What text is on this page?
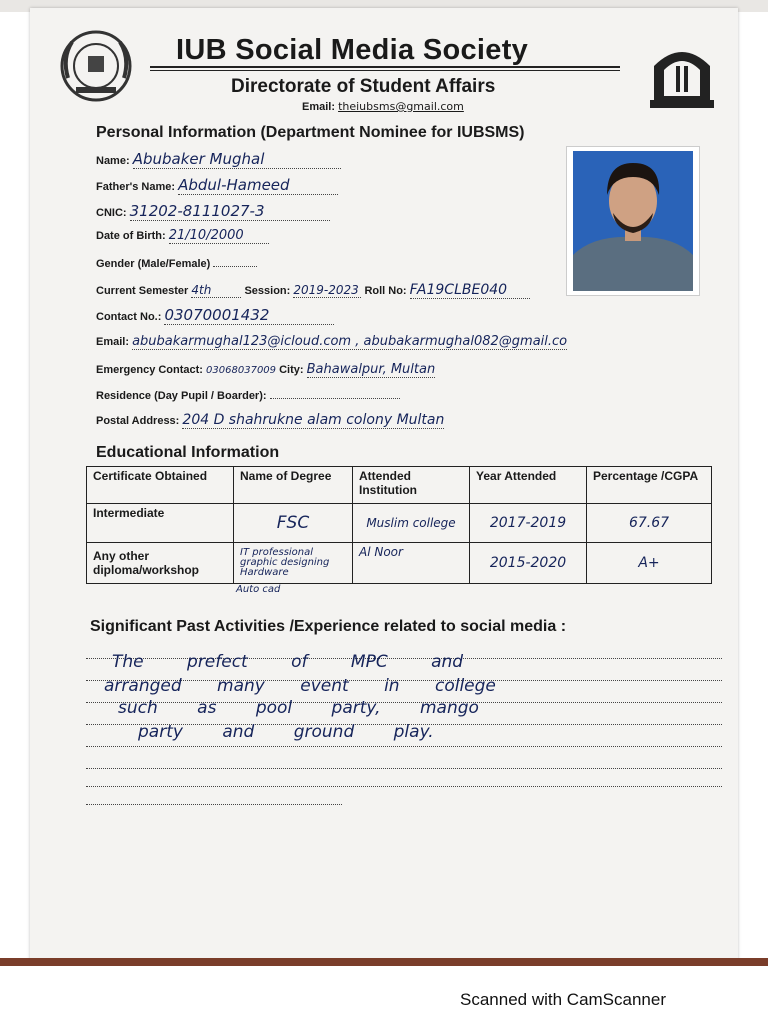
IUB Social Media Society
Directorate of Student Affairs
Email: theiubsms@gmail.com
Personal Information (Department Nominee for IUBSMS)
Name: Abubaker Mughal
Father's Name: Abdul-Hameed
CNIC: 31202-8111027-3
Date of Birth: 21/10/2000
Gender (Male/Female)
Current Semester 4th	Session: 2019-2023 Roll No: FA19CLBE040
Contact No.: 03070001432
Email: abubakarmughal123@icloud.com , abubakarmughal082@gmail.co
Emergency Contact: 03068037009 City: Bahawalpur, Multan
Residence (Day Pupil / Boarder):
Postal Address: 204 D shahrukne alam colony Multan
Educational Information
Certificate Obtained	Name of Degree	Attended Institution	Year Attended	Percentage /CGPA
Intermediate	FSC	Muslim college	2017-2019	67.67
Any other diploma/workshop	IT professional graphic designing Hardware	Al Noor	2015-2020	A+
Auto cad
Significant Past Activities /Experience related to social media :
The prefect of MPC and
arranged many event in college
such as pool party, mango
party and ground play.
Scanned with CamScanner
